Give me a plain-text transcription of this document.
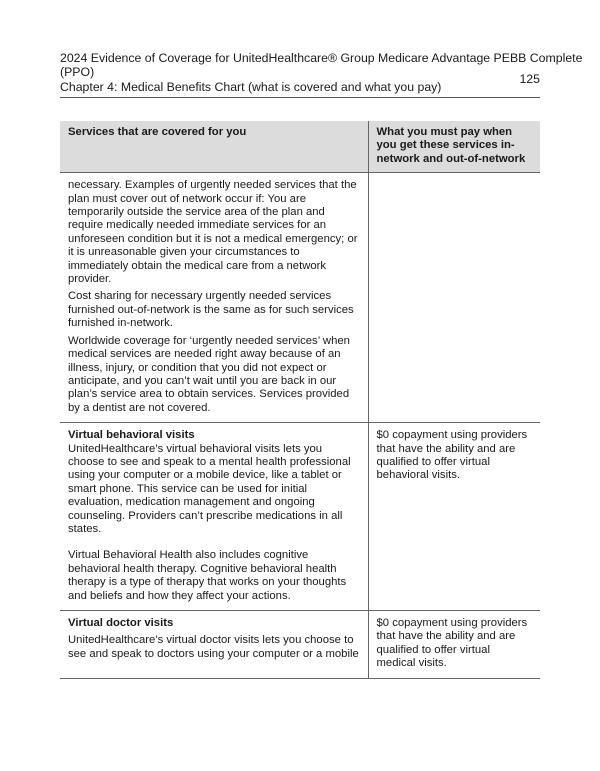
2024 Evidence of Coverage for UnitedHealthcare® Group Medicare Advantage PEBB Complete
(PPO)
Chapter 4: Medical Benefits Chart (what is covered and what you pay)
125
Services that are covered for you	What you must pay when you get these services in-network and out-of-network

necessary. Examples of urgently needed services that the plan must cover out of network occur if: You are temporarily outside the service area of the plan and require medically needed immediate services for an unforeseen condition but it is not a medical emergency; or it is unreasonable given your circumstances to immediately obtain the medical care from a network provider.

Cost sharing for necessary urgently needed services furnished out-of-network is the same as for such services furnished in-network.

Worldwide coverage for ‘urgently needed services’ when medical services are needed right away because of an illness, injury, or condition that you did not expect or anticipate, and you can’t wait until you are back in our plan’s service area to obtain services. Services provided by a dentist are not covered.	

Virtual behavioral visits
UnitedHealthcare’s virtual behavioral visits lets you choose to see and speak to a mental health professional using your computer or a mobile device, like a tablet or smart phone. This service can be used for initial evaluation, medication management and ongoing counseling. Providers can’t prescribe medications in all states.

Virtual Behavioral Health also includes cognitive behavioral health therapy. Cognitive behavioral health therapy is a type of therapy that works on your thoughts and beliefs and how they affect your actions.	$0 copayment using providers that have the ability and are qualified to offer virtual behavioral visits.

Virtual doctor visits
UnitedHealthcare’s virtual doctor visits lets you choose to see and speak to doctors using your computer or a mobile	$0 copayment using providers that have the ability and are qualified to offer virtual medical visits.
